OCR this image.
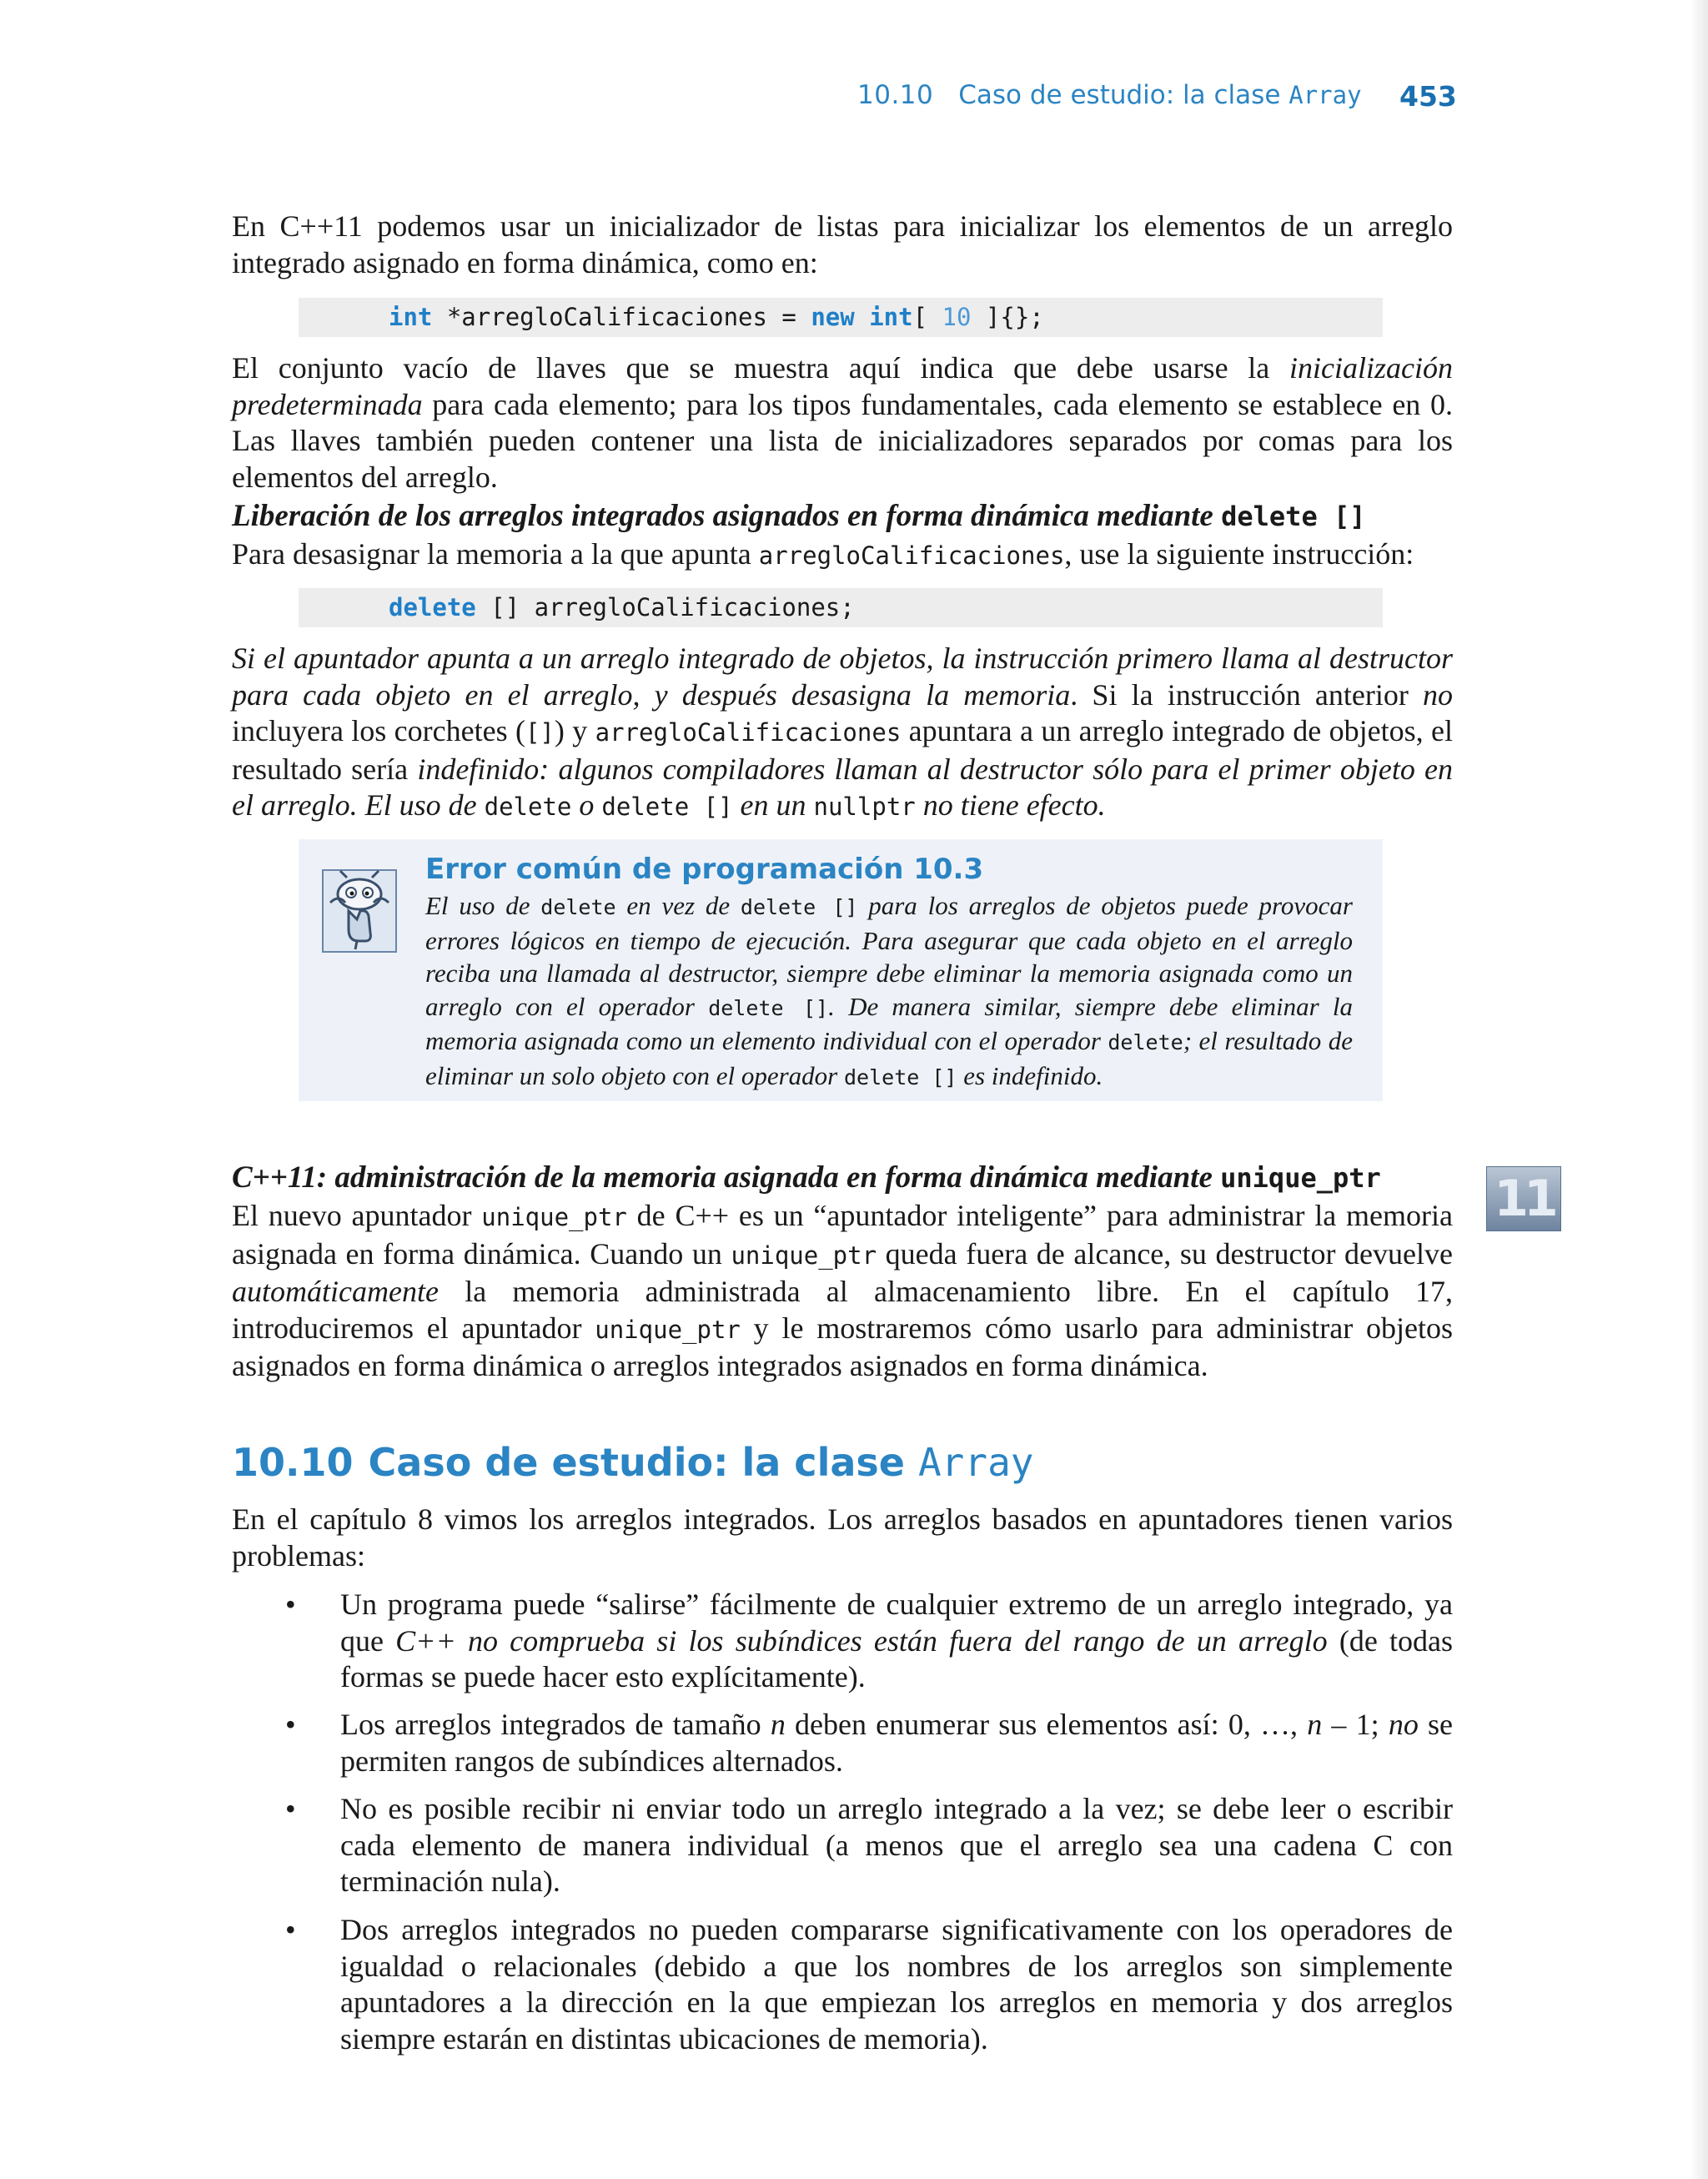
10.10 Caso de estudio: la clase Array 453

En C++11 podemos usar un inicializador de listas para inicializar los elementos de un arreglo integrado asignado en forma dinámica, como en:

int *arregloCalificaciones = new int[ 10 ]{};

El conjunto vacío de llaves que se muestra aquí indica que debe usarse la inicialización predeterminada para cada elemento; para los tipos fundamentales, cada elemento se establece en 0. Las llaves también pueden contener una lista de inicializadores separados por comas para los elementos del arreglo.

Liberación de los arreglos integrados asignados en forma dinámica mediante delete []

Para desasignar la memoria a la que apunta arregloCalificaciones, use la siguiente instrucción:

delete [] arregloCalificaciones;

Si el apuntador apunta a un arreglo integrado de objetos, la instrucción primero llama al destructor para cada objeto en el arreglo, y después desasigna la memoria. Si la instrucción anterior no incluyera los corchetes ([]) y arregloCalificaciones apuntara a un arreglo integrado de objetos, el resultado sería indefinido: algunos compiladores llaman al destructor sólo para el primer objeto en el arreglo. El uso de delete o delete [] en un nullptr no tiene efecto.

Error común de programación 10.3
El uso de delete en vez de delete [] para los arreglos de objetos puede provocar errores lógicos en tiempo de ejecución. Para asegurar que cada objeto en el arreglo reciba una llamada al destructor, siempre debe eliminar la memoria asignada como un arreglo con el operador delete []. De manera similar, siempre debe eliminar la memoria asignada como un elemento individual con el operador delete; el resultado de eliminar un solo objeto con el operador delete [] es indefinido.
C++11: administración de la memoria asignada en forma dinámica mediante unique_ptr

El nuevo apuntador unique_ptr de C++ es un “apuntador inteligente” para administrar la memoria asignada en forma dinámica. Cuando un unique_ptr queda fuera de alcance, su destructor devuelve automáticamente la memoria administrada al almacenamiento libre. En el capítulo 17, introduciremos el apuntador unique_ptr y le mostraremos cómo usarlo para administrar objetos asignados en forma dinámica o arreglos integrados asignados en forma dinámica.

11
10.10 Caso de estudio: la clase Array

En el capítulo 8 vimos los arreglos integrados. Los arreglos basados en apuntadores tienen varios problemas:

• Un programa puede “salirse” fácilmente de cualquier extremo de un arreglo integrado, ya que C++ no comprueba si los subíndices están fuera del rango de un arreglo (de todas formas se puede hacer esto explícitamente).
• Los arreglos integrados de tamaño n deben enumerar sus elementos así: 0, …, n – 1; no se permiten rangos de subíndices alternados.
• No es posible recibir ni enviar todo un arreglo integrado a la vez; se debe leer o escribir cada elemento de manera individual (a menos que el arreglo sea una cadena C con terminación nula).
• Dos arreglos integrados no pueden compararse significativamente con los operadores de igualdad o relacionales (debido a que los nombres de los arreglos son simplemente apuntadores a la dirección en la que empiezan los arreglos en memoria y dos arreglos siempre estarán en distintas ubicaciones de memoria).
